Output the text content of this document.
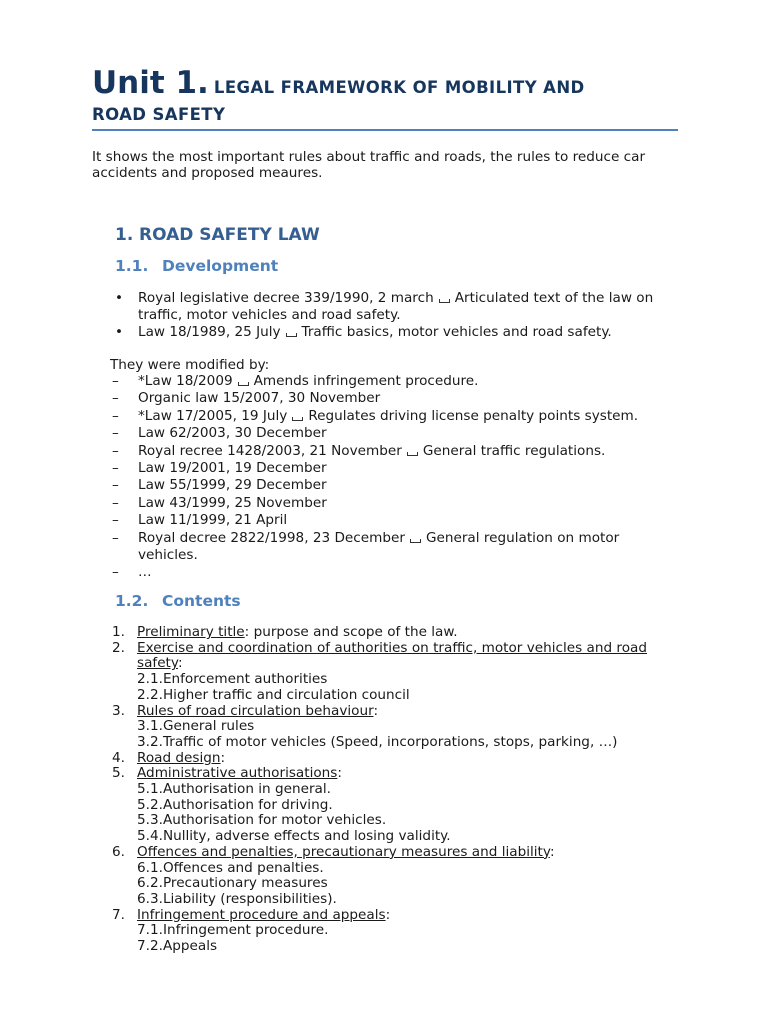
Unit 1. LEGAL FRAMEWORK OF MOBILITY AND
ROAD SAFETY

It shows the most important rules about traffic and roads, the rules to reduce car accidents and proposed meaures.

1. ROAD SAFETY LAW
1.1. Development
• Royal legislative decree 339/1990, 2 march Articulated text of the law on traffic, motor vehicles and road safety.
• Law 18/1989, 25 July Traffic basics, motor vehicles and road safety.
They were modified by:
– *Law 18/2009 Amends infringement procedure.
– Organic law 15/2007, 30 November
– *Law 17/2005, 19 July Regulates driving license penalty points system.
– Law 62/2003, 30 December
– Royal recree 1428/2003, 21 November General traffic regulations.
– Law 19/2001, 19 December
– Law 55/1999, 29 December
– Law 43/1999, 25 November
– Law 11/1999, 21 April
– Royal decree 2822/1998, 23 December General regulation on motor vehicles.
– …
1.2. Contents
1. Preliminary title: purpose and scope of the law.
2. Exercise and coordination of authorities on traffic, motor vehicles and road safety:
2.1.Enforcement authorities
2.2.Higher traffic and circulation council
3. Rules of road circulation behaviour:
3.1.General rules
3.2.Traffic of motor vehicles (Speed, incorporations, stops, parking, …)
4. Road design:
5. Administrative authorisations:
5.1.Authorisation in general.
5.2.Authorisation for driving.
5.3.Authorisation for motor vehicles.
5.4.Nullity, adverse effects and losing validity.
6. Offences and penalties, precautionary measures and liability:
6.1.Offences and penalties.
6.2.Precautionary measures
6.3.Liability (responsibilities).
7. Infringement procedure and appeals:
7.1.Infringement procedure.
7.2.Appeals
